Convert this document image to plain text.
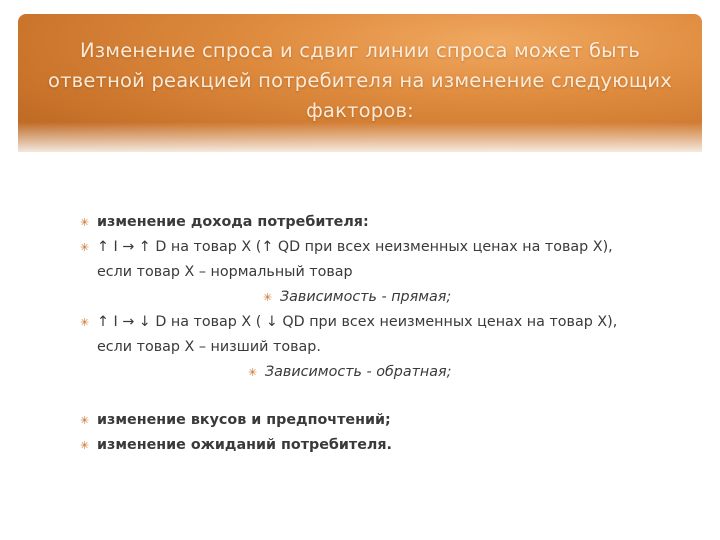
Изменение спроса и сдвиг линии спроса может быть
ответной реакцией потребителя на изменение следующих
факторов:
✳ изменение дохода потребителя:
✳ ↑ I → ↑ D на товар X (↑ QD при всех неизменных ценах на товар X),
если товар X – нормальный товар
✳ Зависимость - прямая;
✳ ↑ I → ↓ D на товар X ( ↓ QD при всех неизменных ценах на товар X),
если товар X – низший товар.
✳ Зависимость - обратная;
✳ изменение вкусов и предпочтений;
✳ изменение ожиданий потребителя.
